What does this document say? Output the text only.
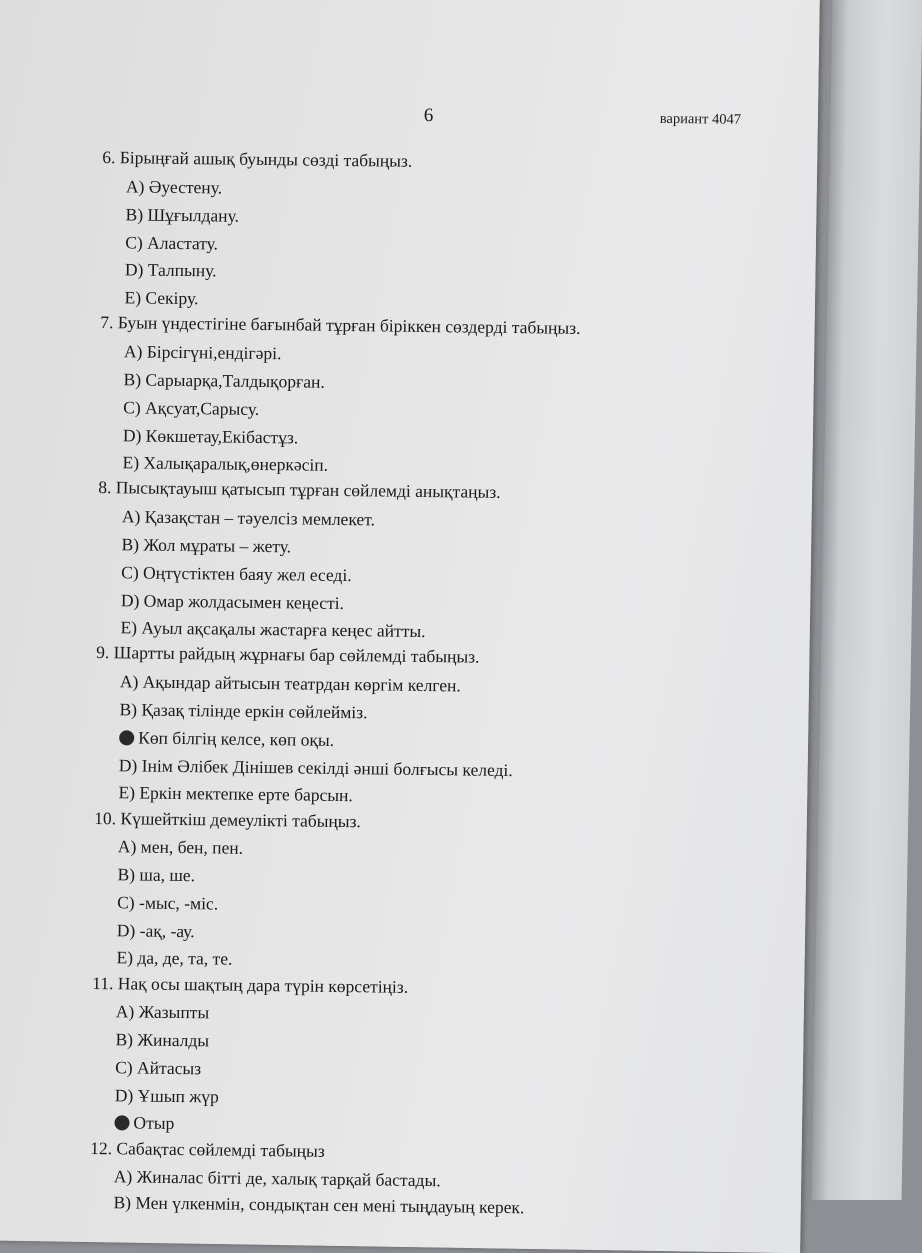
6	вариант 4047
6. Бірыңғай ашық буынды сөзді табыңыз.
A) Әуестену.
B) Шұғылдану.
C) Аластату.
D) Талпыну.
E) Секіру.
7. Буын үндестігіне бағынбай тұрған біріккен сөздерді табыңыз.
A) Бірсігүні,ендігәрі.
B) Сарыарқа,Талдықорған.
C) Ақсуат,Сарысу.
D) Көкшетау,Екібастұз.
E) Халықаралық,өнеркәсіп.
8. Пысықтауыш қатысып тұрған сөйлемді анықтаңыз.
A) Қазақстан – тәуелсіз мемлекет.
B) Жол мұраты – жету.
C) Оңтүстіктен баяу жел еседі.
D) Омар жолдасымен кеңесті.
E) Ауыл ақсақалы жастарға кеңес айтты.
9. Шартты райдың жұрнағы бар сөйлемді табыңыз.
A) Ақындар айтысын театрдан көргім келген.
B) Қазақ тілінде еркін сөйлейміз.
Көп білгің келсе, көп оқы.
D) Інім Әлібек Дінішев секілді әнші болғысы келеді.
E) Еркін мектепке ерте барсын.
10. Күшейткіш демеулікті табыңыз.
A) мен, бен, пен.
B) ша, ше.
C) -мыс, -міс.
D) -ақ, -ау.
E) да, де, та, те.
11. Нақ осы шақтың дара түрін көрсетіңіз.
A) Жазыпты
B) Жиналды
C) Айтасыз
D) Ұшып жүр
Отыр
12. Сабақтас сөйлемді табыңыз
A) Жиналас бітті де, халық тарқай бастады.
B) Мен үлкенмін, сондықтан сен мені тыңдауың керек.
